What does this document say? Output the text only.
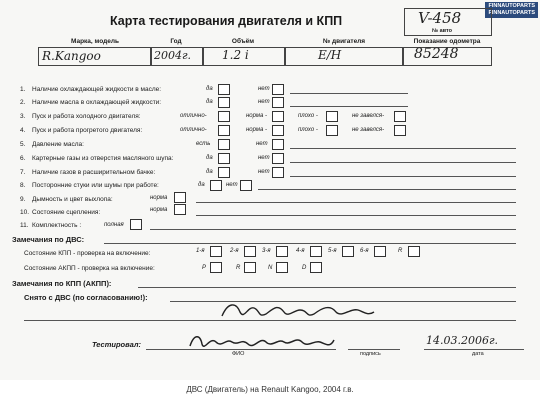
FINNAUTOPARTS
FINNAUTOPARTS
Карта тестирования двигателя и КПП	V-458
№ авто
Марка, модель	Год	Объём	№ двигателя	Показание одометра
R.Kangoo	2004г.	1.2 i	E/H	85248
1. Наличие охлаждающей жидкости в масле:	да	нет
2. Наличие масла в охлаждающей жидкости:	да	нет
3. Пуск и работа холодного двигателя:	отлично-	норма -	плохо -	не завелся-
4. Пуск и работа прогретого двигателя:	отлично-	норма -	плохо -	не завелся-
5. Давление масла:	есть	нет
6. Картерные газы из отверстия масляного шупа:	да	нет
7. Наличие газов в расширительном бачке:	да	нет
8. Посторонние стуки или шумы при работе:	да	нет
9. Дымность и цвет выхлопа:	норма
10. Состояние сцепления:	норма
11. Комплектность :	полная
Замечания по ДВС:
Состояние КПП - проверка на включение:	1-я	2-я	3-я	4-я	5-я	6-я	R
Состояние АКПП - проверка на включение:	P	R	N	D
Замечания по КПП (АКПП):
Снято с ДВС (по согласованию!):
Тестировал:	14.03.2006г.
ФИО	подпись	дата
ДВС (Двигатель) на Renault Kangoo, 2004 г.в.
